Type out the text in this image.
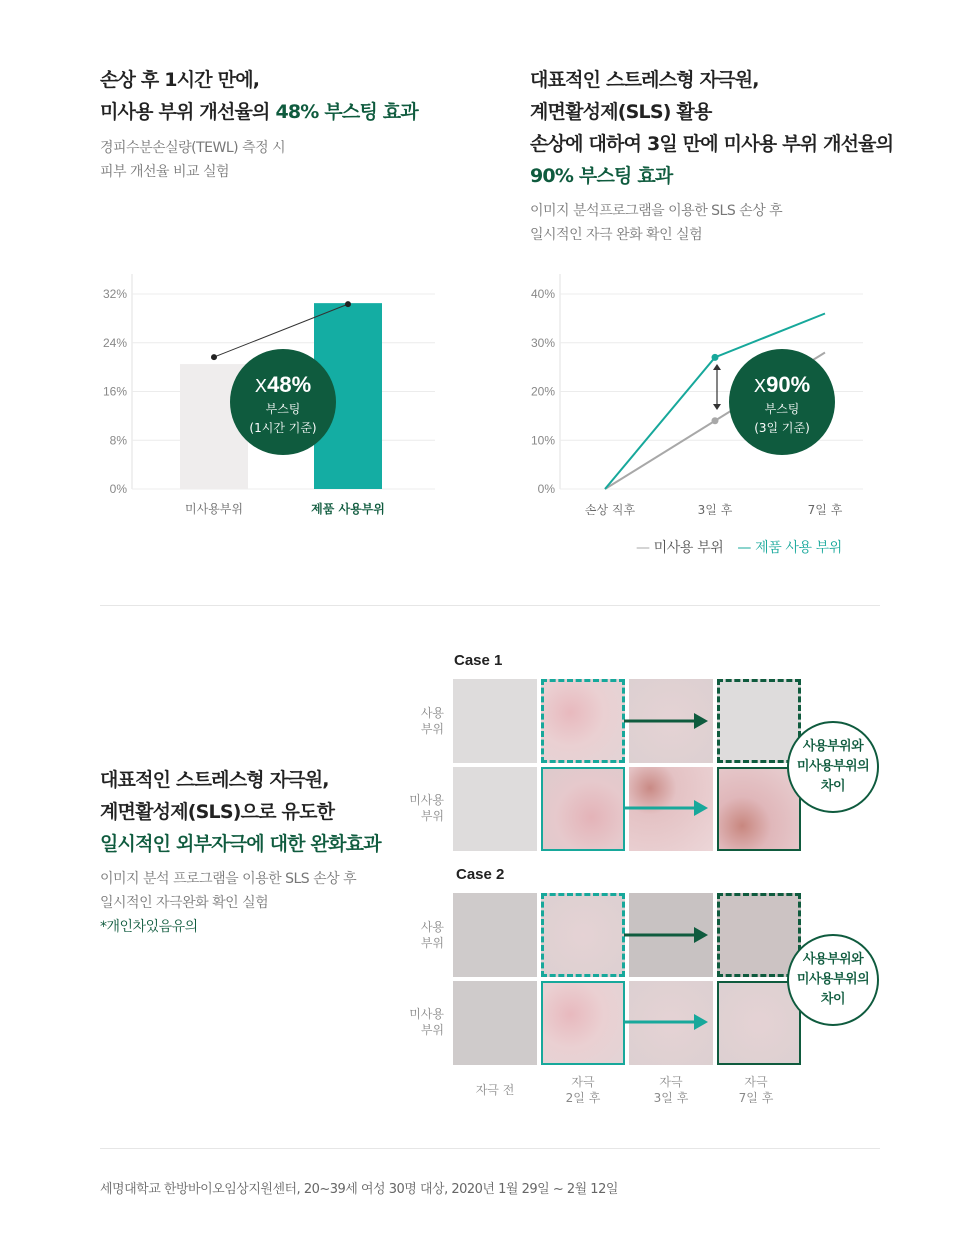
손상 후 1시간 만에,
미사용 부위 개선율의 48% 부스팅 효과
경피수분손실량(TEWL) 측정 시
피부 개선율 비교 실험
32%
24%
16%
8%
0%
미사용부위	제품 사용부위
X48%
부스팅
(1시간 기준)
대표적인 스트레스형 자극원,
계면활성제(SLS) 활용
손상에 대하여 3일 만에 미사용 부위 개선율의
90% 부스팅 효과
이미지 분석프로그램을 이용한 SLS 손상 후
일시적인 자극 완화 확인 실험
40%
30%
20%
10%
0%
손상 직후	3일 후	7일 후
X90%
부스팅
(3일 기준)
— 미사용 부위 — 제품 사용 부위
대표적인 스트레스형 자극원,
계면활성제(SLS)으로 유도한
일시적인 외부자극에 대한 완화효과
이미지 분석 프로그램을 이용한 SLS 손상 후
일시적인 자극완화 확인 실험
*개인차있음유의
Case 1
사용
부위
미사용
부위
사용부위와
미사용부위의
차이
Case 2
사용
부위
미사용
부위
사용부위와
미사용부위의
차이
자극 전
자극
2일 후
자극
3일 후
자극
7일 후
세명대학교 한방바이오임상지원센터, 20~39세 여성 30명 대상, 2020년 1월 29일 ~ 2월 12일
